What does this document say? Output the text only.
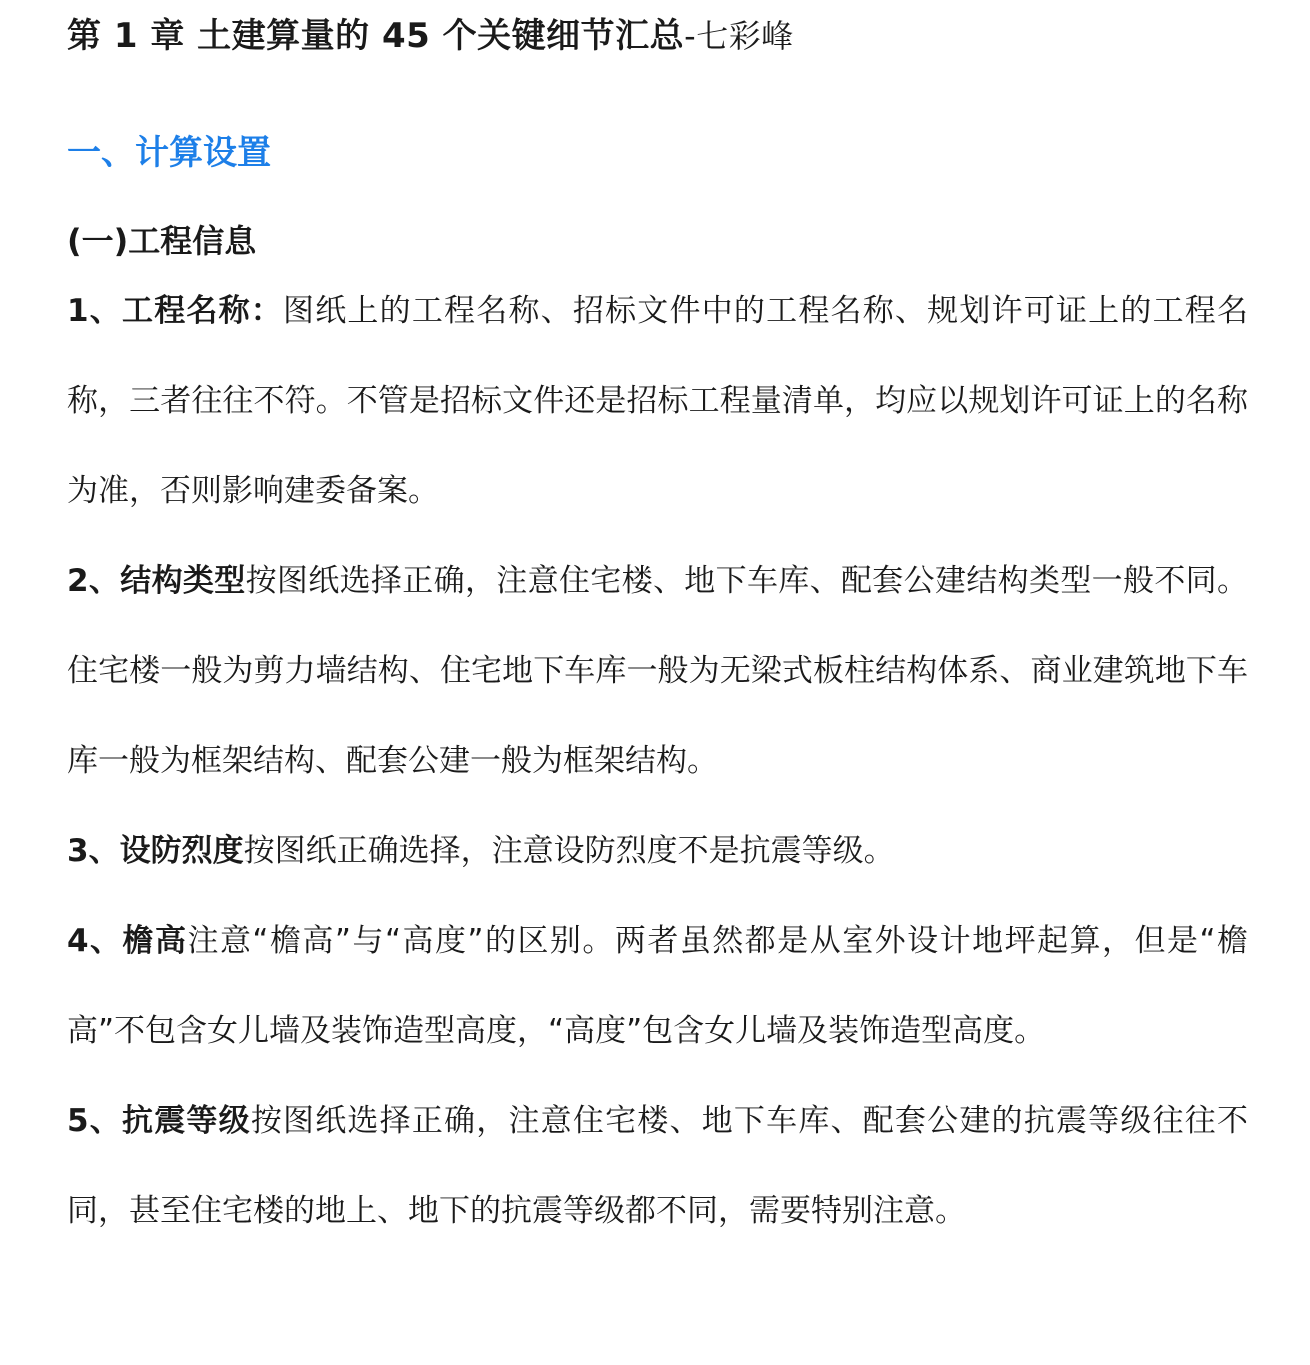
第 1 章 土建算量的 45 个关键细节汇总-七彩峰
一、计算设置
(一)工程信息

1、工程名称：图纸上的工程名称、招标文件中的工程名称、规划许可证上的工程名称，三者往往不符。不管是招标文件还是招标工程量清单，均应以规划许可证上的名称为准，否则影响建委备案。

2、结构类型按图纸选择正确，注意住宅楼、地下车库、配套公建结构类型一般不同。住宅楼一般为剪力墙结构、住宅地下车库一般为无梁式板柱结构体系、商业建筑地下车库一般为框架结构、配套公建一般为框架结构。

3、设防烈度按图纸正确选择，注意设防烈度不是抗震等级。

4、檐高注意“檐高”与“高度”的区别。两者虽然都是从室外设计地坪起算，但是“檐高”不包含女儿墙及装饰造型高度，“高度”包含女儿墙及装饰造型高度。

5、抗震等级按图纸选择正确，注意住宅楼、地下车库、配套公建的抗震等级往往不同，甚至住宅楼的地上、地下的抗震等级都不同，需要特别注意。
